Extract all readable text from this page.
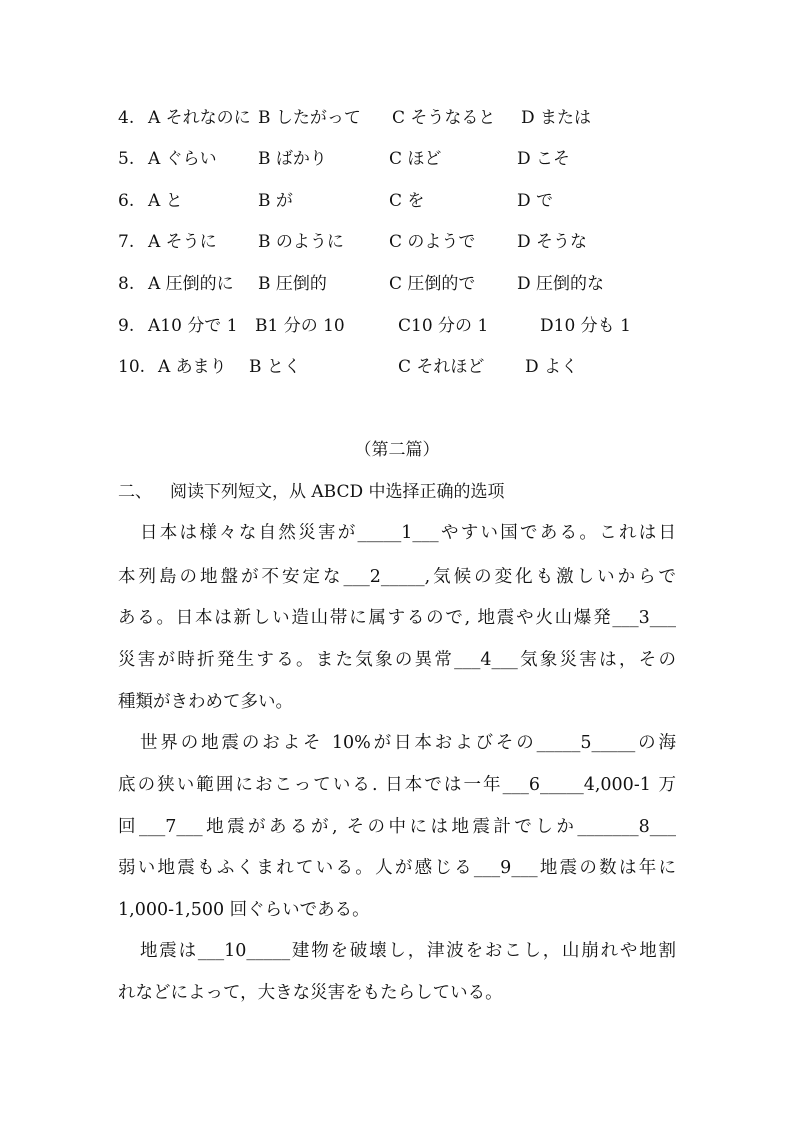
4. A それなのに B したがって C そうなると D または
5. A ぐらい B ばかり	C ほど	D こそ
6. A と	B が	C を	D で
7. A そうに B のように	C のようで D そうな
8. A 圧倒的に B 圧倒的	C 圧倒的で D 圧倒的な
9. A10 分で 1 B1 分の 10	C10 分の 1	D10 分も 1
10. A あまり B とく	C それほど D よく
（第二篇）
二、 阅读下列短文，从 ABCD 中选择正确的选项
日本は様々な自然災害が_____1___やすい国である。これは日
本列島の地盤が不安定な___2_____,気候の変化も激しいからで
ある。日本は新しい造山帯に属するので, 地震や火山爆発___3___
災害が時折発生する。また気象の異常___4___気象災害は，その
種類がきわめて多い。
世界の地震のおよそ 10%が日本およびその_____5_____の海
底の狭い範囲におこっている. 日本では一年___6_____4,000-1 万
回___7___地震があるが, その中には地震計でしか_______8___
弱い地震もふくまれている。人が感じる___9___地震の数は年に
1,000-1,500 回ぐらいである。
地震は___10_____建物を破壊し，津波をおこし，山崩れや地割
れなどによって，大きな災害をもたらしている。
